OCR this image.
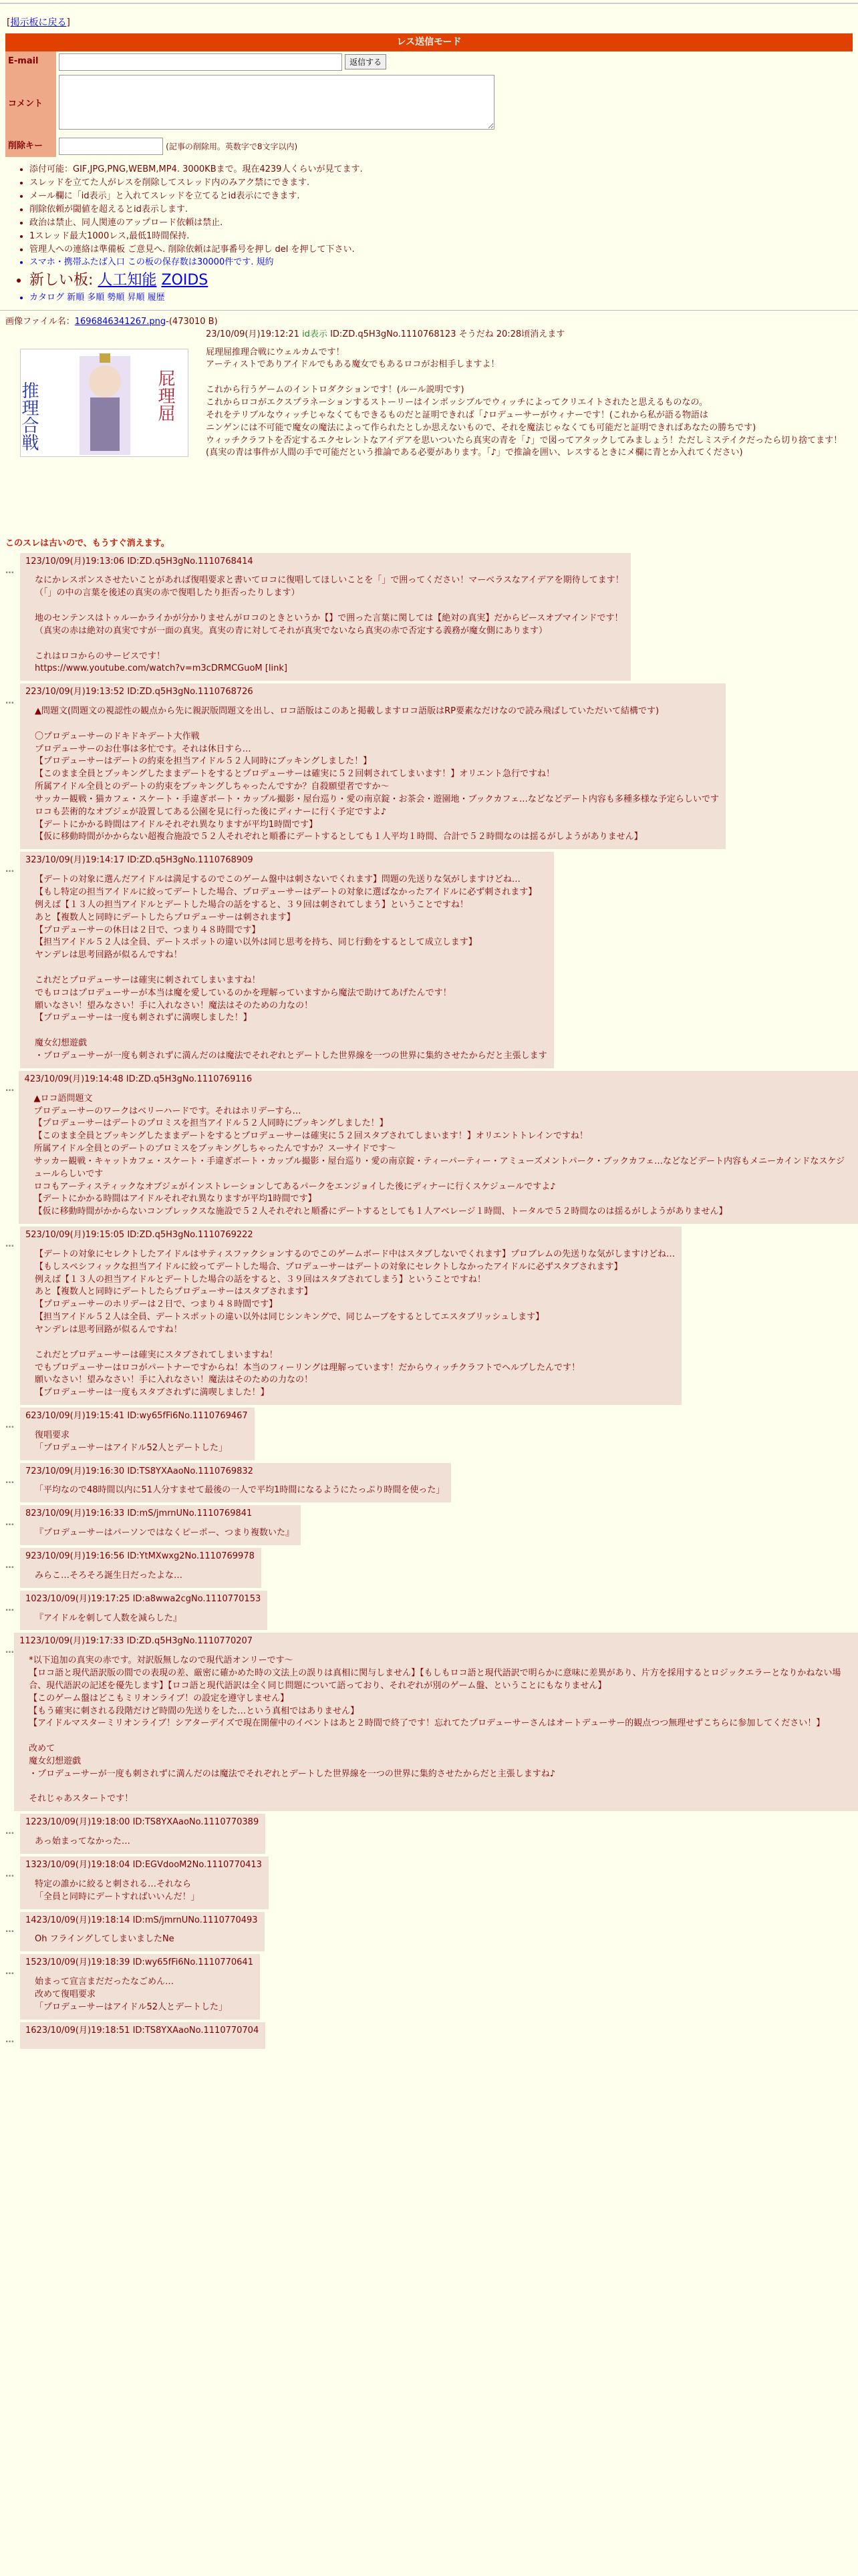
[掲示板に戻る]
レス送信モード
E-mail	返信する
コメント	
削除キー	(記事の削除用。英数字で8文字以内)
• 添付可能：GIF,JPG,PNG,WEBM,MP4. 3000KBまで。現在4239人くらいが見てます.
• スレッドを立てた人がレスを削除してスレッド内のみアク禁にできます.
• メール欄に「id表示」と入れてスレッドを立てるとid表示にできます.
• 削除依頼が閾値を超えるとid表示します.
• 政治は禁止、同人関連のアップロード依頼は禁止.
• 1スレッド最大1000レス,最低1時間保持.
• 管理人への連絡は準備板 ご意見へ. 削除依頼は記事番号を押し del を押して下さい.
• スマホ・携帯ふたば入口 この板の保存数は30000件です. 規約
• 新しい板: 人工知能 ZOIDS
• カタログ 新順 多順 勢順 昇順 履歴
画像ファイル名：1696846341267.png-(473010 B)
推理合戦	屁理屈
23/10/09(月)19:12:21 id表示 ID:ZD.q5H3gNo.1110768123 そうだね 20:28頃消えます
屁理屈推理合戦にウェルカムです！
アーティストでありアイドルでもある魔女でもあるロコがお相手しますよ！

これから行うゲームのイントロダクションです！(ルール説明です)
これからロコがエクスプラネーションするストーリーはインポッシブルでウィッチによってクリエイトされたと思えるものなの。
それをテリブルなウィッチじゃなくてもできるものだと証明できれば「♪ロデューサーがウィナーです！(これから私が語る物語は
ニンゲンには不可能で魔女の魔法によって作られたとしか思えないもので、それを魔法じゃなくても可能だと証明できればあなたの勝ちです)
ウィッチクラフトを否定するエクセレントなアイデアを思いついたら真実の青を「♪」で図ってアタックしてみましょう！ただしミステイクだったら切り捨てます！
(真実の青は事件が人間の手で可能だという推論である必要があります。「♪」で推論を囲い、レスするときにメ欄に青とか入れてください)
このスレは古いので、もうすぐ消えます。
…
123/10/09(月)19:13:06 ID:ZD.q5H3gNo.1110768414
なにかレスポンスさせたいことがあれば復唱要求と書いてロコに復唱してほしいことを「」で囲ってください！マーベラスなアイデアを期待してます！
（「」の中の言葉を後述の真実の赤で復唱したり拒否ったりします）

地のセンテンスはトゥルーかライかが分かりませんがロコのときというか【】で囲った言葉に関しては【絶対の真実】だからビースオブマインドです！
（真実の赤は絶対の真実ですが一面の真実。真実の青に対してそれが真実でないなら真実の赤で否定する義務が魔女側にあります）

これはロコからのサービスです！
https://www.youtube.com/watch?v=m3cDRMCGuoM [link]
…
223/10/09(月)19:13:52 ID:ZD.q5H3gNo.1110768726
▲問題文(問題文の視認性の観点から先に親訳版問題文を出し、ロコ語版はこのあと掲載しますロコ語版はRP要素なだけなので読み飛ばしていただいて結構です)

〇プロデューサーのドキドキデート大作戦
プロデューサーのお仕事は多忙です。それは休日すら…
【プロデューサーはデートの約束を担当アイドル５２人同時にブッキングしました！】
【このまま全員とブッキングしたままデートをするとプロデューサーは確実に５２回刺されてしまいます！】オリエント急行ですね！
所属アイドル全員とのデートの約束をブッキングしちゃったんですか？自殺願望者ですか〜
サッカー観戦・猫カフェ・スケート・手違ぎボート・カップル撮影・屋台巡り・愛の南京錠・お茶会・遊園地・ブックカフェ…などなどデート内容も多種多様な予定らしいです
ロコも芸術的なオブジェが設置してある公園を見に行った後にディナーに行く予定ですよ♪
【デートにかかる時間はアイドルそれぞれ異なりますが平均1時間です】
【仮に移動時間がかからない超複合施設で５２人それぞれと順番にデートするとしても１人平均１時間、合計で５２時間なのは揺るがしようがありません】
…
323/10/09(月)19:14:17 ID:ZD.q5H3gNo.1110768909
【デートの対象に選んだアイドルは満足するのでこのゲーム盤中は刺さないでくれます】問題の先送りな気がしますけどね…
【もし特定の担当アイドルに絞ってデートした場合、プロデューサーはデートの対象に選ばなかったアイドルに必ず刺されます】
例えば【１３人の担当アイドルとデートした場合の話をすると、３９回は刺されてしまう】ということですね！
あと【複数人と同時にデートしたらプロデューサーは刺されます】
【プロデューサーの休日は２日で、つまり４８時間です】
【担当アイドル５２人は全員、デートスポットの違い以外は同じ思考を持ち、同じ行動をするとして成立します】
ヤンデレは思考回路が似るんですね！

これだとプロデューサーは確実に刺されてしまいますね！
でもロコはプロデューサーが本当は魔を愛しているのかを理解っていますから魔法で助けてあげたんです！
願いなさい！望みなさい！手に入れなさい！魔法はそのための力なの！
【プロデューサーは一度も刺されずに満喫しました！】

魔女幻想遊戯
・プロデューサーが一度も刺されずに満んだのは魔法でそれぞれとデートした世界線を一つの世界に集約させたからだと主張します
…
423/10/09(月)19:14:48 ID:ZD.q5H3gNo.1110769116
▲ロコ語問題文
プロデューサーのワークはベリーハードです。それはホリデーすら…
【プロデューサーはデートのプロミスを担当アイドル５２人同時にブッキングしました！】
【このまま全員とブッキングしたままデートをするとプロデューサーは確実に５２回スタブされてしまいます！】オリエントトレインですね！
所属アイドル全員とのデートのプロミスをブッキングしちゃったんですか？スーサイドです〜
サッカー観戦・キャットカフェ・スケート・手違ぎボート・カップル撮影・屋台巡り・愛の南京錠・ティーパーティー・アミューズメントパーク・ブックカフェ…などなどデート内容もメニーカインドなスケジュールらしいです
ロコもアーティスティックなオブジェがインストレーションしてあるパークをエンジョイした後にディナーに行くスケジュールですよ♪
【デートにかかる時間はアイドルそれぞれ異なりますが平均1時間です】
【仮に移動時間がかからないコンプレックスな施設で５２人それぞれと順番にデートするとしても１人アベレージ１時間、トータルで５２時間なのは揺るがしようがありません】
…
523/10/09(月)19:15:05 ID:ZD.q5H3gNo.1110769222
【デートの対象にセレクトしたアイドルはサティスファクションするのでこのゲームボード中はスタブしないでくれます】プロブレムの先送りな気がしますけどね…
【もしスペシフィックな担当アイドルに絞ってデートした場合、プロデューサーはデートの対象にセレクトしなかったアイドルに必ずスタブされます】
例えば【１３人の担当アイドルとデートした場合の話をすると、３９回はスタブされてしまう】ということですね！
あと【複数人と同時にデートしたらプロデューサーはスタブされます】
【プロデューサーのホリデーは２日で、つまり４８時間です】
【担当アイドル５２人は全員、デートスポットの違い以外は同じシンキングで、同じムーブをするとしてエスタブリッシュします】
ヤンデレは思考回路が似るんですね！

これだとプロデューサーは確実にスタブされてしまいますね！
でもプロデューサーはロコがパートナーですからね！本当のフィーリングは理解っています！だからウィッチクラフトでヘルプしたんです！
願いなさい！望みなさい！手に入れなさい！魔法はそのための力なの！
【プロデューサーは一度もスタブされずに満喫しました！】
…
623/10/09(月)19:15:41 ID:wy65fFi6No.1110769467
復唱要求
「プロデューサーはアイドル52人とデートした」
…
723/10/09(月)19:16:30 ID:TS8YXAaoNo.1110769832
「平均なので48時間以内に51人分すませて最後の一人で平均1時間になるようにたっぷり時間を使った」
…
823/10/09(月)19:16:33 ID:mS/jmrnUNo.1110769841
『プロデューサーはパーソンではなくピーポー、つまり複数いた』
…
923/10/09(月)19:16:56 ID:YtMXwxg2No.1110769978
みらこ…そろそろ誕生日だったよな…
…
1023/10/09(月)19:17:25 ID:a8wwa2cgNo.1110770153
『アイドルを刺して人数を減らした』
…
1123/10/09(月)19:17:33 ID:ZD.q5H3gNo.1110770207
*以下追加の真実の赤です。対訳版無しなので現代語オンリーです〜
【ロコ語と現代語訳版の間での表現の差、厳密に確かめた時の文法上の誤りは真相に関与しません】【もしもロコ語と現代語訳で明らかに意味に差異があり、片方を採用するとロジックエラーとなりかねない場合、現代語訳の記述を優先します】【ロコ語と現代語訳は全く同じ問題について語っており、それぞれが別のゲーム盤、ということにもなりません】
【このゲーム盤はどこもミリオンライブ！の設定を遵守しません】
【もう確実に刺される段階だけど時間の先送りをした…という真相ではありません】
【アイドルマスターミリオンライブ！シアターデイズで現在開催中のイベントはあと２時間で終了です！忘れてたプロデューサーさんはオートデューサー的観点つつ無理せずこちらに参加してください！】

改めて
魔女幻想遊戯
・プロデューサーが一度も刺されずに満んだのは魔法でそれぞれとデートした世界線を一つの世界に集約させたからだと主張しますね♪

それじゃあスタートです！
…
1223/10/09(月)19:18:00 ID:TS8YXAaoNo.1110770389
あっ始まってなかった…
…
1323/10/09(月)19:18:04 ID:EGVdooM2No.1110770413
特定の誰かに絞ると刺される…それなら
「全員と同時にデートすればいいんだ！」
…
1423/10/09(月)19:18:14 ID:mS/jmrnUNo.1110770493
Oh フライングしてしまいましたNe
…
1523/10/09(月)19:18:39 ID:wy65fFi6No.1110770641
始まって宣言まだだったなごめん…
改めて復唱要求
「プロデューサーはアイドル52人とデートした」
…
1623/10/09(月)19:18:51 ID:TS8YXAaoNo.1110770704
